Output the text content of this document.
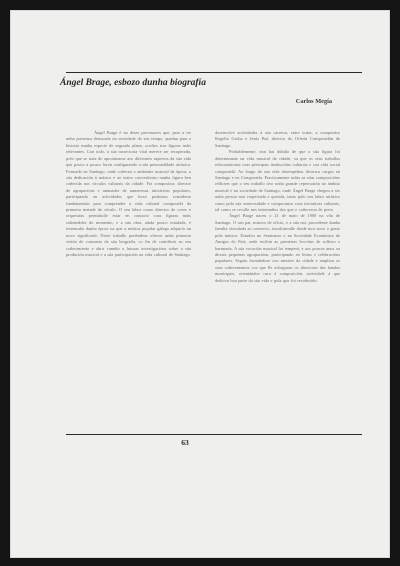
Ángel Brage, esbozo dunha biografía
Carlos Megía

Ángel Brage é un deses personaxes que, pese a ter unha presenza destacada na sociedade do seu tempo, quedan para a historia nunha especie de segundo plano, ocultos tras figuras máis relevantes. Con todo, a súa traxectoria vital merece ser recuperada, polo que se trata de aproximarse aos diferentes aspectos da súa vida que pouco a pouco foron configurando a súa personalidade artística. Formado en Santiago, onde coñeceu o ambiente musical da época, a súa dedicación á música e ao teatro convertírono nunha figura ben coñecida nos círculos culturais da cidade. Foi compositor, director de agrupacións e animador de numerosas iniciativas populares, participando en actividades que hoxe podemos considerar fundamentais para comprender a vida cultural compostelá da primeira metade do século. O seu labor como director de coros e orquestras permitiulle estar en contacto coas figuras máis salientables do momento, e a súa obra, aínda pouco estudada, é testemuño dunha época na que a música popular galega adquiría un novo significado. Neste traballo preténdese ofrecer unha primeira visión de conxunto da súa biografía, co fin de contribuír ao seu coñecemento e abrir camiño a futuras investigacións sobre a súa produción musical e a súa participación na vida cultural de Santiago.

desenvolve actividades á súa carreira, entre todas, a compositor Rogelio Groba e Jesús Bal, director do Orfeón Compostelán de Santiago.

Probablemente, non hai dúbida de que a súa figura foi determinante na vida musical da cidade, xa que os seus traballos relacionáronse coas principais institucións culturais e coa vida social compostelá. Ao longo da súa vida desempeñou diversos cargos en Santiago e en Compostela. Practicamente todas as súas composicións reflicten que o seu traballo tivo unha grande repercusión no ámbito musical e na sociedade de Santiago, onde Ángel Brage chegou a ser unha persoa moi respectada e querida, tanto polo seu labor artístico como pola súa xenerosidade e compromiso coas iniciativas culturais, tal como se recolle nos testemuños dos que o coñeceron de preto.

Ángel Brage naceu o 21 de maio de 1900 na vila de Santiago. O seu pai, músico de oficio, e a súa nai, procedente dunha familia vinculada ao comercio, inculcáronlle desde moi novo o gusto pola música. Estudou no Seminario e na Sociedade Económica de Amigos do País, onde recibiu as primeiras leccións de solfexo e harmonía. A súa vocación musical foi temperá, e aos poucos anos xa dirixía pequenas agrupacións, participando en festas e celebracións populares. Seguiu formándose con mestres da cidade e ampliou os seus coñecementos cos que lle achegaron os directores das bandas municipais, orientándoo cara á composición, actividade á que dedicou boa parte da súa vida e pola que foi recoñecido.

63
